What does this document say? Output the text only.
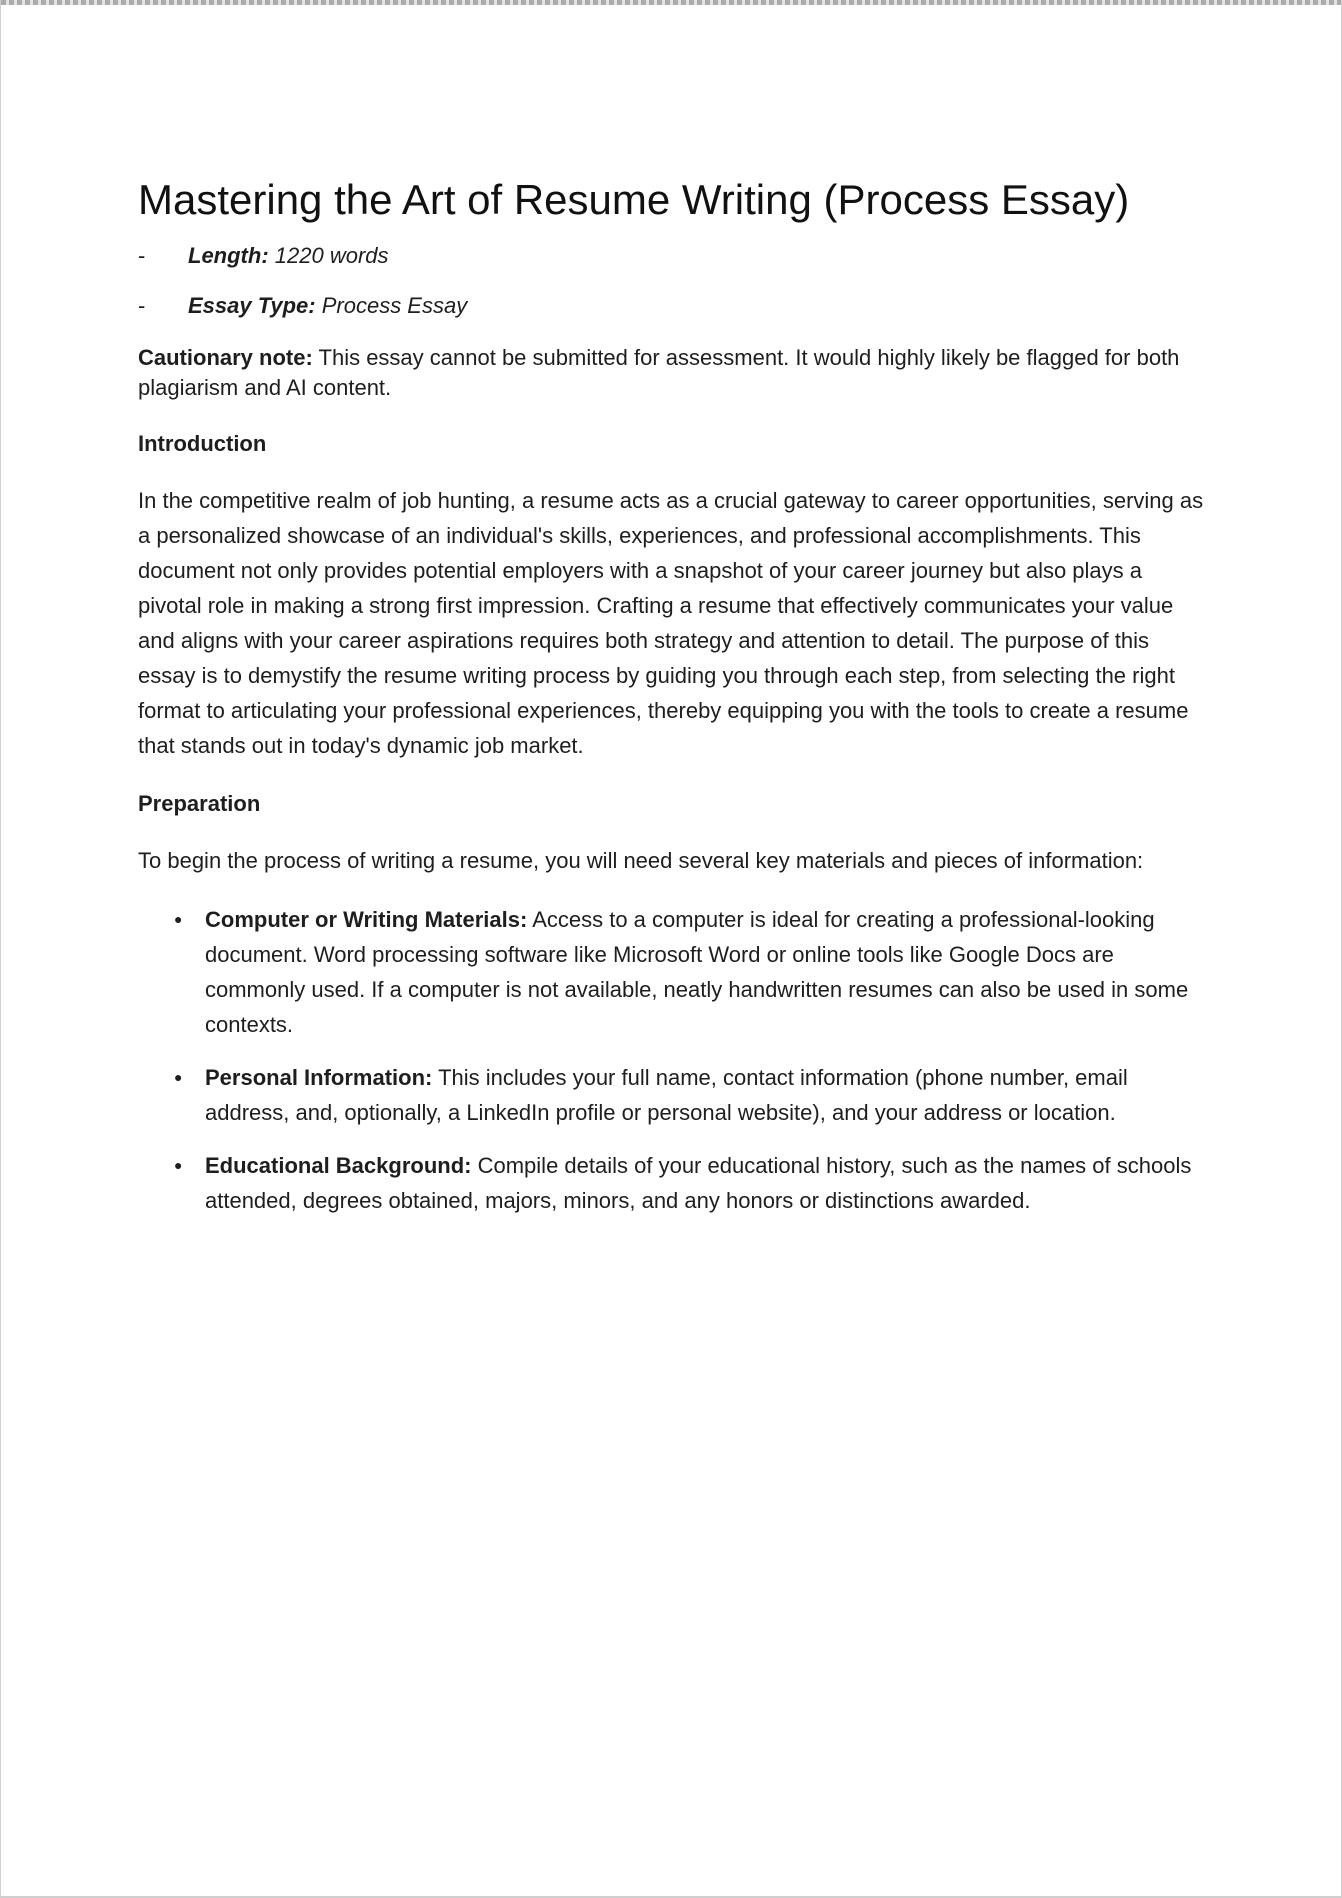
Mastering the Art of Resume Writing (Process Essay)
-	Length: 1220 words
-	Essay Type: Process Essay

Cautionary note: This essay cannot be submitted for assessment. It would highly likely be flagged for both plagiarism and AI content.

Introduction

In the competitive realm of job hunting, a resume acts as a crucial gateway to career opportunities, serving as a personalized showcase of an individual's skills, experiences, and professional accomplishments. This document not only provides potential employers with a snapshot of your career journey but also plays a pivotal role in making a strong first impression. Crafting a resume that effectively communicates your value and aligns with your career aspirations requires both strategy and attention to detail. The purpose of this essay is to demystify the resume writing process by guiding you through each step, from selecting the right format to articulating your professional experiences, thereby equipping you with the tools to create a resume that stands out in today's dynamic job market.

Preparation

To begin the process of writing a resume, you will need several key materials and pieces of information:

●	Computer or Writing Materials: Access to a computer is ideal for creating a professional-looking document. Word processing software like Microsoft Word or online tools like Google Docs are commonly used. If a computer is not available, neatly handwritten resumes can also be used in some contexts.
●	Personal Information: This includes your full name, contact information (phone number, email address, and, optionally, a LinkedIn profile or personal website), and your address or location.
●	Educational Background: Compile details of your educational history, such as the names of schools attended, degrees obtained, majors, minors, and any honors or distinctions awarded.
